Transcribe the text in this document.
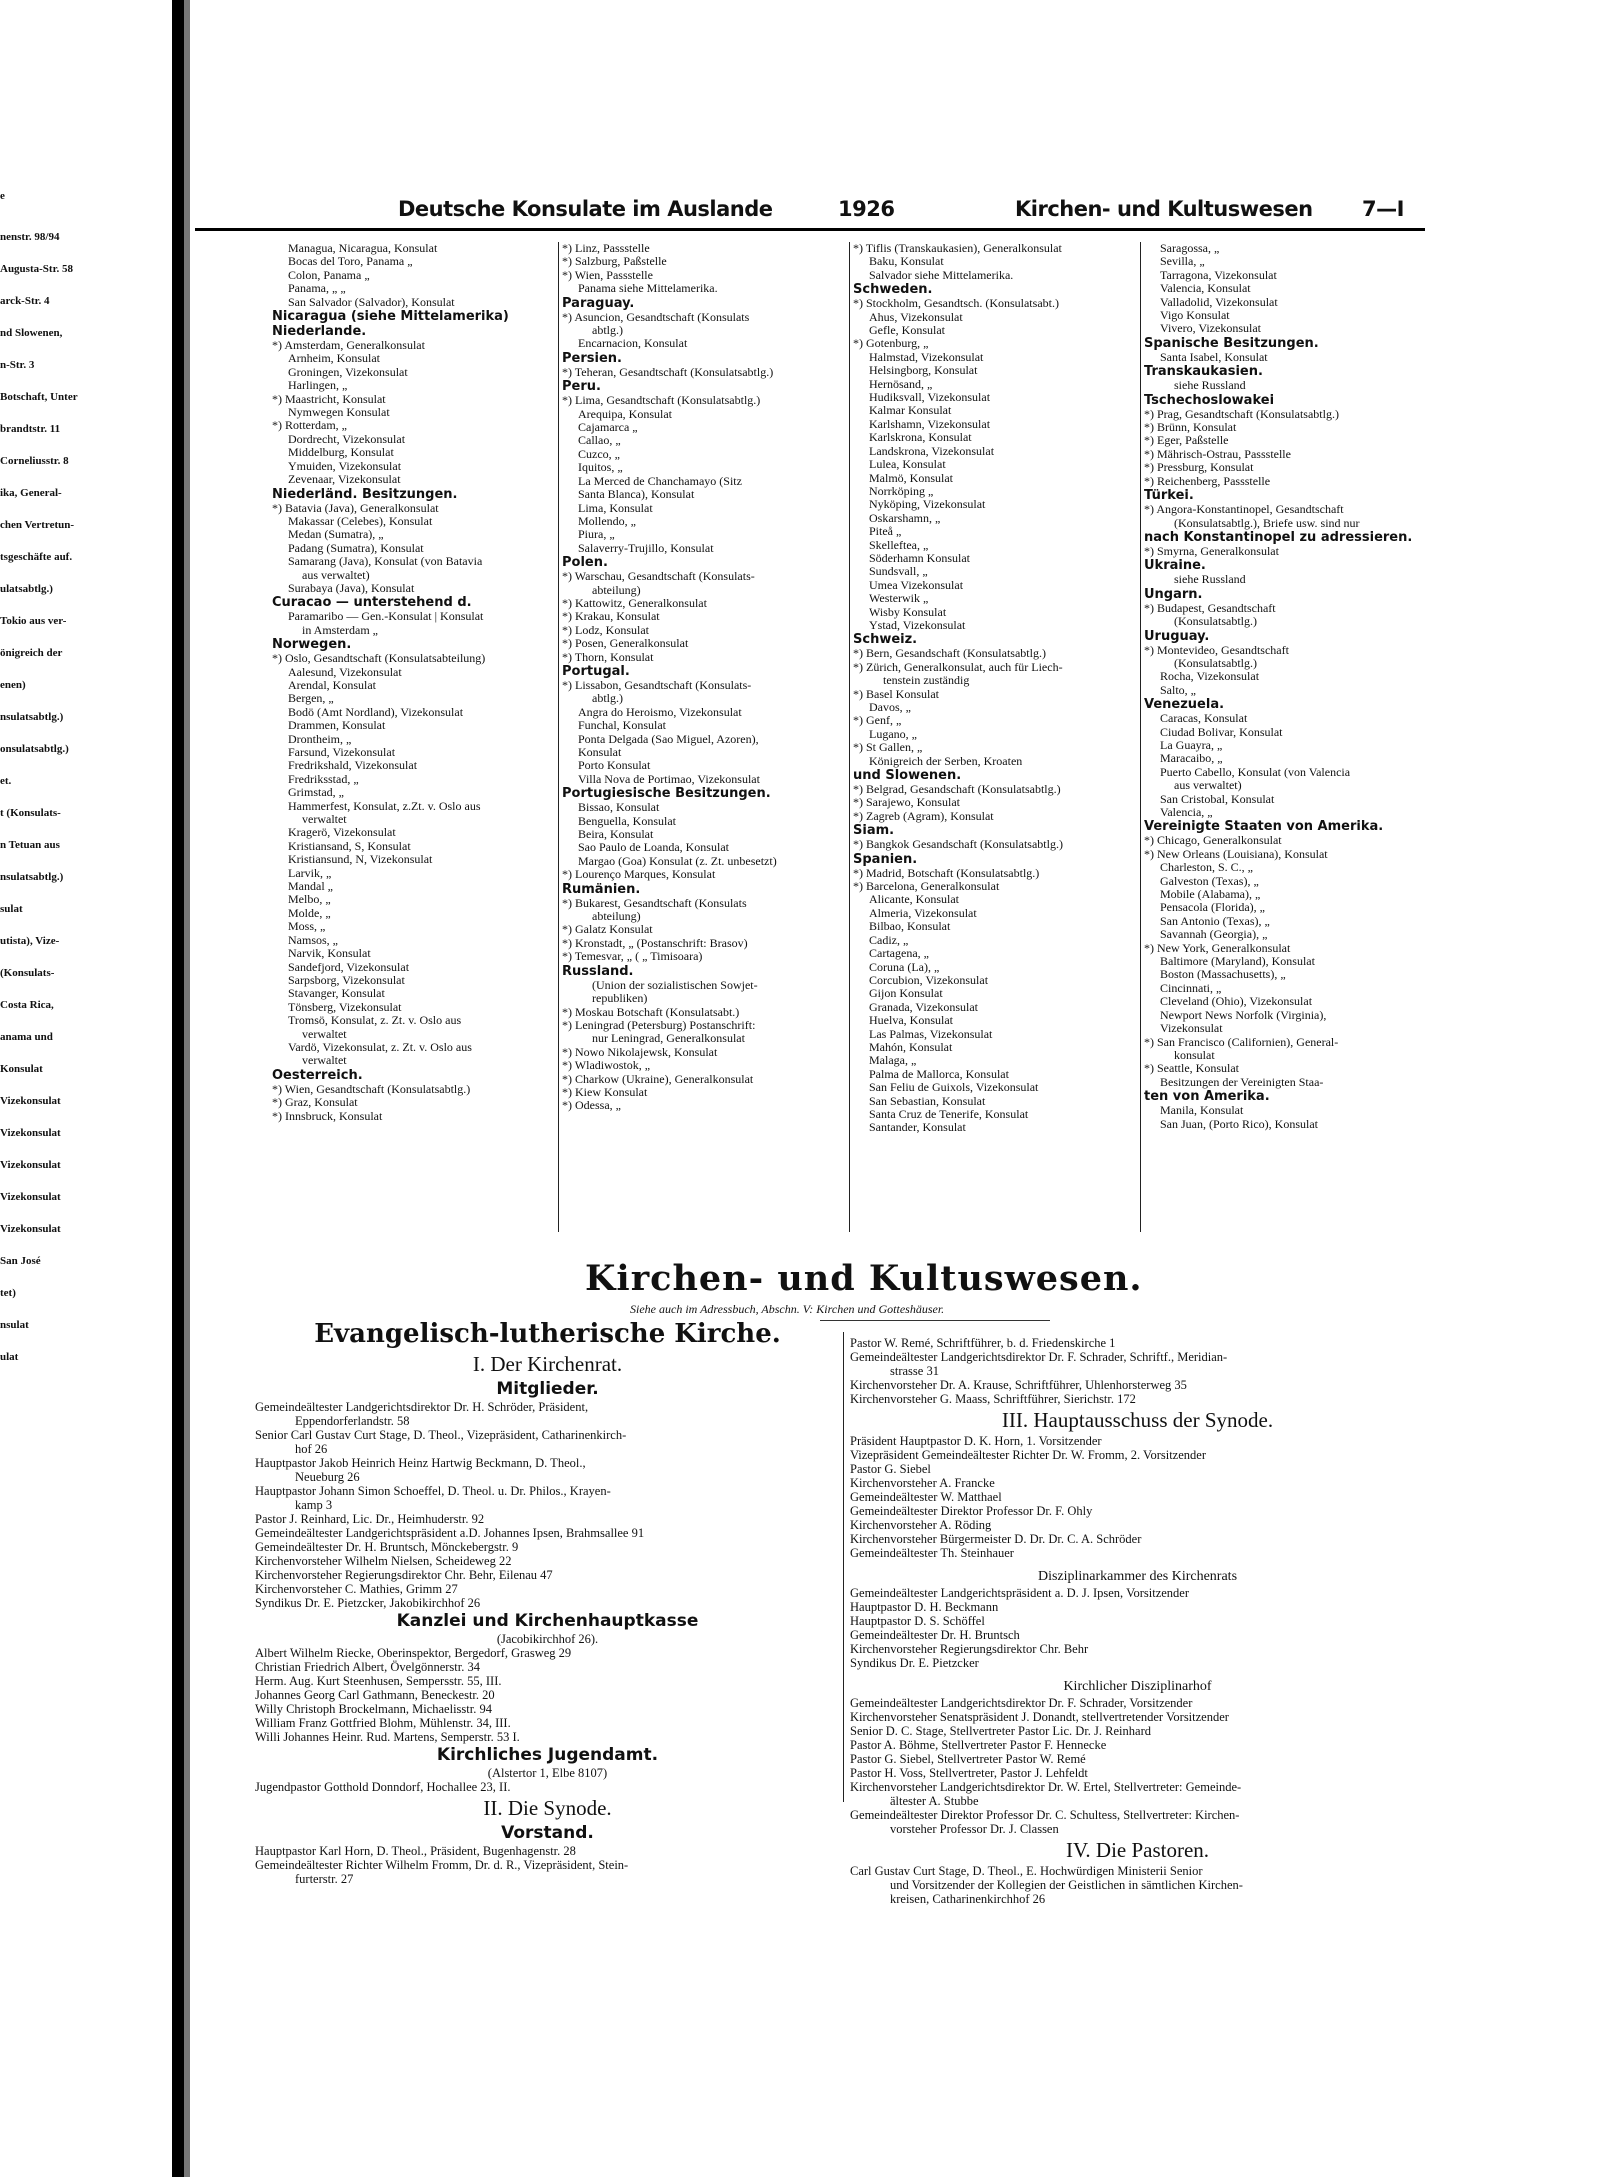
e
nenstr. 98/94
Augusta-Str. 58
arck-Str. 4
nd Slowenen,
n-Str. 3
Botschaft, Unter
brandtstr. 11
Corneliusstr. 8
ika, General-
chen Vertretun-
tsgeschäfte auf.
ulatsabtlg.)
Tokio aus ver-
önigreich der
enen)
nsulatsabtlg.)
onsulatsabtlg.)
et.
t (Konsulats-
n Tetuan aus
nsulatsabtlg.)
sulat
utista), Vize-
(Konsulats-
Costa Rica,
anama und
Konsulat
Vizekonsulat
Vizekonsulat
Vizekonsulat
Vizekonsulat
Vizekonsulat
San José
tet)
nsulat
ulat
Deutsche Konsulate im Auslande	1926	Kirchen- und Kultuswesen 7—I
Managua, Nicaragua, Konsulat
Bocas del Toro, Panama „
Colon, Panama „
Panama, „ „
San Salvador (Salvador), Konsulat
Nicaragua (siehe Mittelamerika)
Niederlande.
*) Amsterdam, Generalkonsulat
Arnheim, Konsulat
Groningen, Vizekonsulat
Harlingen, „
*) Maastricht, Konsulat
Nymwegen Konsulat
*) Rotterdam, „
Dordrecht, Vizekonsulat
Middelburg, Konsulat
Ymuiden, Vizekonsulat
Zevenaar, Vizekonsulat
Niederländ. Besitzungen.
*) Batavia (Java), Generalkonsulat
Makassar (Celebes), Konsulat
Medan (Sumatra), „
Padang (Sumatra), Konsulat
Samarang (Java), Konsulat (von Batavia
aus verwaltet)
Surabaya (Java), Konsulat
Curacao — unterstehend d.
Paramaribo — Gen.-Konsulat | Konsulat
in Amsterdam „
Norwegen.
*) Oslo, Gesandtschaft (Konsulatsabteilung)
Aalesund, Vizekonsulat
Arendal, Konsulat
Bergen, „
Bodö (Amt Nordland), Vizekonsulat
Drammen, Konsulat
Drontheim, „
Farsund, Vizekonsulat
Fredrikshald, Vizekonsulat
Fredriksstad, „
Grimstad, „
Hammerfest, Konsulat, z.Zt. v. Oslo aus
verwaltet
Kragerö, Vizekonsulat
Kristiansand, S, Konsulat
Kristiansund, N, Vizekonsulat
Larvik, „
Mandal „
Melbo, „
Molde, „
Moss, „
Namsos, „
Narvik, Konsulat
Sandefjord, Vizekonsulat
Sarpsborg, Vizekonsulat
Stavanger, Konsulat
Tönsberg, Vizekonsulat
Tromsö, Konsulat, z. Zt. v. Oslo aus
verwaltet
Vardö, Vizekonsulat, z. Zt. v. Oslo aus
verwaltet
Oesterreich.
*) Wien, Gesandtschaft (Konsulatsabtlg.)
*) Graz, Konsulat
*) Innsbruck, Konsulat
*) Linz, Passstelle
*) Salzburg, Paßstelle
*) Wien, Passstelle
Panama siehe Mittelamerika.
Paraguay.
*) Asuncion, Gesandtschaft (Konsulats
abtlg.)
Encarnacion, Konsulat
Persien.
*) Teheran, Gesandtschaft (Konsulatsabtlg.)
Peru.
*) Lima, Gesandtschaft (Konsulatsabtlg.)
Arequipa, Konsulat
Cajamarca „
Callao, „
Cuzco, „
Iquitos, „
La Merced de Chanchamayo (Sitz
Santa Blanca), Konsulat
Lima, Konsulat
Mollendo, „
Piura, „
Salaverry-Trujillo, Konsulat
Polen.
*) Warschau, Gesandtschaft (Konsulats-
abteilung)
*) Kattowitz, Generalkonsulat
*) Krakau, Konsulat
*) Lodz, Konsulat
*) Posen, Generalkonsulat
*) Thorn, Konsulat
Portugal.
*) Lissabon, Gesandtschaft (Konsulats-
abtlg.)
Angra do Heroismo, Vizekonsulat
Funchal, Konsulat
Ponta Delgada (Sao Miguel, Azoren),
Konsulat
Porto Konsulat
Villa Nova de Portimao, Vizekonsulat
Portugiesische Besitzungen.
Bissao, Konsulat
Benguella, Konsulat
Beira, Konsulat
Sao Paulo de Loanda, Konsulat
Margao (Goa) Konsulat (z. Zt. unbesetzt)
*) Lourenço Marques, Konsulat
Rumänien.
*) Bukarest, Gesandtschaft (Konsulats
abteilung)
*) Galatz Konsulat
*) Kronstadt, „ (Postanschrift: Brasov)
*) Temesvar, „ ( „ Timisoara)
Russland.
(Union der sozialistischen Sowjet-
republiken)
*) Moskau Botschaft (Konsulatsabt.)
*) Leningrad (Petersburg) Postanschrift:
nur Leningrad, Generalkonsulat
*) Nowo Nikolajewsk, Konsulat
*) Wladiwostok, „
*) Charkow (Ukraine), Generalkonsulat
*) Kiew Konsulat
*) Odessa, „
*) Tiflis (Transkaukasien), Generalkonsulat
Baku, Konsulat
Salvador siehe Mittelamerika.
Schweden.
*) Stockholm, Gesandtsch. (Konsulatsabt.)
Ahus, Vizekonsulat
Gefle, Konsulat
*) Gotenburg, „
Halmstad, Vizekonsulat
Helsingborg, Konsulat
Hernösand, „
Hudiksvall, Vizekonsulat
Kalmar Konsulat
Karlshamn, Vizekonsulat
Karlskrona, Konsulat
Landskrona, Vizekonsulat
Lulea, Konsulat
Malmö, Konsulat
Norrköping „
Nyköping, Vizekonsulat
Oskarshamn, „
Piteå „
Skelleftea, „
Söderhamn Konsulat
Sundsvall, „
Umea Vizekonsulat
Westerwik „
Wisby Konsulat
Ystad, Vizekonsulat
Schweiz.
*) Bern, Gesandschaft (Konsulatsabtlg.)
*) Zürich, Generalkonsulat, auch für Liech-
tenstein zuständig
*) Basel Konsulat
Davos, „
*) Genf, „
Lugano, „
*) St Gallen, „
Königreich der Serben, Kroaten
und Slowenen.
*) Belgrad, Gesandschaft (Konsulatsabtlg.)
*) Sarajewo, Konsulat
*) Zagreb (Agram), Konsulat
Siam.
*) Bangkok Gesandschaft (Konsulatsabtlg.)
Spanien.
*) Madrid, Botschaft (Konsulatsabtlg.)
*) Barcelona, Generalkonsulat
Alicante, Konsulat
Almeria, Vizekonsulat
Bilbao, Konsulat
Cadiz, „
Cartagena, „
Coruna (La), „
Corcubion, Vizekonsulat
Gijon Konsulat
Granada, Vizekonsulat
Huelva, Konsulat
Las Palmas, Vizekonsulat
Mahón, Konsulat
Malaga, „
Palma de Mallorca, Konsulat
San Feliu de Guixols, Vizekonsulat
San Sebastian, Konsulat
Santa Cruz de Tenerife, Konsulat
Santander, Konsulat
Saragossa, „
Sevilla, „
Tarragona, Vizekonsulat
Valencia, Konsulat
Valladolid, Vizekonsulat
Vigo Konsulat
Vivero, Vizekonsulat
Spanische Besitzungen.
Santa Isabel, Konsulat
Transkaukasien.
siehe Russland
Tschechoslowakei
*) Prag, Gesandtschaft (Konsulatsabtlg.)
*) Brünn, Konsulat
*) Eger, Paßstelle
*) Mährisch-Ostrau, Passstelle
*) Pressburg, Konsulat
*) Reichenberg, Passstelle
Türkei.
*) Angora-Konstantinopel, Gesandtschaft
(Konsulatsabtlg.), Briefe usw. sind nur
nach Konstantinopel zu adressieren.
*) Smyrna, Generalkonsulat
Ukraine.
siehe Russland
Ungarn.
*) Budapest, Gesandtschaft
(Konsulatsabtlg.)
Uruguay.
*) Montevideo, Gesandtschaft
(Konsulatsabtlg.)
Rocha, Vizekonsulat
Salto, „
Venezuela.
Caracas, Konsulat
Ciudad Bolivar, Konsulat
La Guayra, „
Maracaibo, „
Puerto Cabello, Konsulat (von Valencia
aus verwaltet)
San Cristobal, Konsulat
Valencia, „
Vereinigte Staaten von Amerika.
*) Chicago, Generalkonsulat
*) New Orleans (Louisiana), Konsulat
Charleston, S. C., „
Galveston (Texas), „
Mobile (Alabama), „
Pensacola (Florida), „
San Antonio (Texas), „
Savannah (Georgia), „
*) New York, Generalkonsulat
Baltimore (Maryland), Konsulat
Boston (Massachusetts), „
Cincinnati, „
Cleveland (Ohio), Vizekonsulat
Newport News Norfolk (Virginia),
Vizekonsulat
*) San Francisco (Californien), General-
konsulat
*) Seattle, Konsulat
Besitzungen der Vereinigten Staa-
ten von Amerika.
Manila, Konsulat
San Juan, (Porto Rico), Konsulat
Kirchen- und Kultuswesen.
Siehe auch im Adressbuch, Abschn. V: Kirchen und Gotteshäuser.
Evangelisch-lutherische Kirche.
I. Der Kirchenrat.
Mitglieder.
Gemeindeältester Landgerichtsdirektor Dr. H. Schröder, Präsident,
Eppendorferlandstr. 58
Senior Carl Gustav Curt Stage, D. Theol., Vizepräsident, Catharinenkirch-
hof 26
Hauptpastor Jakob Heinrich Heinz Hartwig Beckmann, D. Theol.,
Neueburg 26
Hauptpastor Johann Simon Schoeffel, D. Theol. u. Dr. Philos., Krayen-
kamp 3
Pastor J. Reinhard, Lic. Dr., Heimhuderstr. 92
Gemeindeältester Landgerichtspräsident a.D. Johannes Ipsen, Brahmsallee 91
Gemeindeältester Dr. H. Bruntsch, Mönckebergstr. 9
Kirchenvorsteher Wilhelm Nielsen, Scheideweg 22
Kirchenvorsteher Regierungsdirektor Chr. Behr, Eilenau 47
Kirchenvorsteher C. Mathies, Grimm 27
Syndikus Dr. E. Pietzcker, Jakobikirchhof 26
Kanzlei und Kirchenhauptkasse
(Jacobikirchhof 26).
Albert Wilhelm Riecke, Oberinspektor, Bergedorf, Grasweg 29
Christian Friedrich Albert, Övelgönnerstr. 34
Herm. Aug. Kurt Steenhusen, Sempersstr. 55, III.
Johannes Georg Carl Gathmann, Beneckestr. 20
Willy Christoph Brockelmann, Michaelisstr. 94
William Franz Gottfried Blohm, Mühlenstr. 34, III.
Willi Johannes Heinr. Rud. Martens, Semperstr. 53 I.
Kirchliches Jugendamt.
(Alstertor 1, Elbe 8107)
Jugendpastor Gotthold Donndorf, Hochallee 23, II.
II. Die Synode.
Vorstand.
Hauptpastor Karl Horn, D. Theol., Präsident, Bugenhagenstr. 28
Gemeindeältester Richter Wilhelm Fromm, Dr. d. R., Vizepräsident, Stein-
furterstr. 27
Pastor W. Remé, Schriftführer, b. d. Friedenskirche 1
Gemeindeältester Landgerichtsdirektor Dr. F. Schrader, Schriftf., Meridian-
strasse 31
Kirchenvorsteher Dr. A. Krause, Schriftführer, Uhlenhorsterweg 35
Kirchenvorsteher G. Maass, Schriftführer, Sierichstr. 172
III. Hauptausschuss der Synode.
Präsident Hauptpastor D. K. Horn, 1. Vorsitzender
Vizepräsident Gemeindeältester Richter Dr. W. Fromm, 2. Vorsitzender
Pastor G. Siebel
Kirchenvorsteher A. Francke
Gemeindeältester W. Matthael
Gemeindeältester Direktor Professor Dr. F. Ohly
Kirchenvorsteher A. Röding
Kirchenvorsteher Bürgermeister D. Dr. Dr. C. A. Schröder
Gemeindeältester Th. Steinhauer
Disziplinarkammer des Kirchenrats
Gemeindeältester Landgerichtspräsident a. D. J. Ipsen, Vorsitzender
Hauptpastor D. H. Beckmann
Hauptpastor D. S. Schöffel
Gemeindeältester Dr. H. Bruntsch
Kirchenvorsteher Regierungsdirektor Chr. Behr
Syndikus Dr. E. Pietzcker
Kirchlicher Disziplinarhof
Gemeindeältester Landgerichtsdirektor Dr. F. Schrader, Vorsitzender
Kirchenvorsteher Senatspräsident J. Donandt, stellvertretender Vorsitzender
Senior D. C. Stage, Stellvertreter Pastor Lic. Dr. J. Reinhard
Pastor A. Böhme, Stellvertreter Pastor F. Hennecke
Pastor G. Siebel, Stellvertreter Pastor W. Remé
Pastor H. Voss, Stellvertreter, Pastor J. Lehfeldt
Kirchenvorsteher Landgerichtsdirektor Dr. W. Ertel, Stellvertreter: Gemeinde-
ältester A. Stubbe
Gemeindeältester Direktor Professor Dr. C. Schultess, Stellvertreter: Kirchen-
vorsteher Professor Dr. J. Classen
IV. Die Pastoren.
Carl Gustav Curt Stage, D. Theol., E. Hochwürdigen Ministerii Senior
und Vorsitzender der Kollegien der Geistlichen in sämtlichen Kirchen-
kreisen, Catharinenkirchhof 26
